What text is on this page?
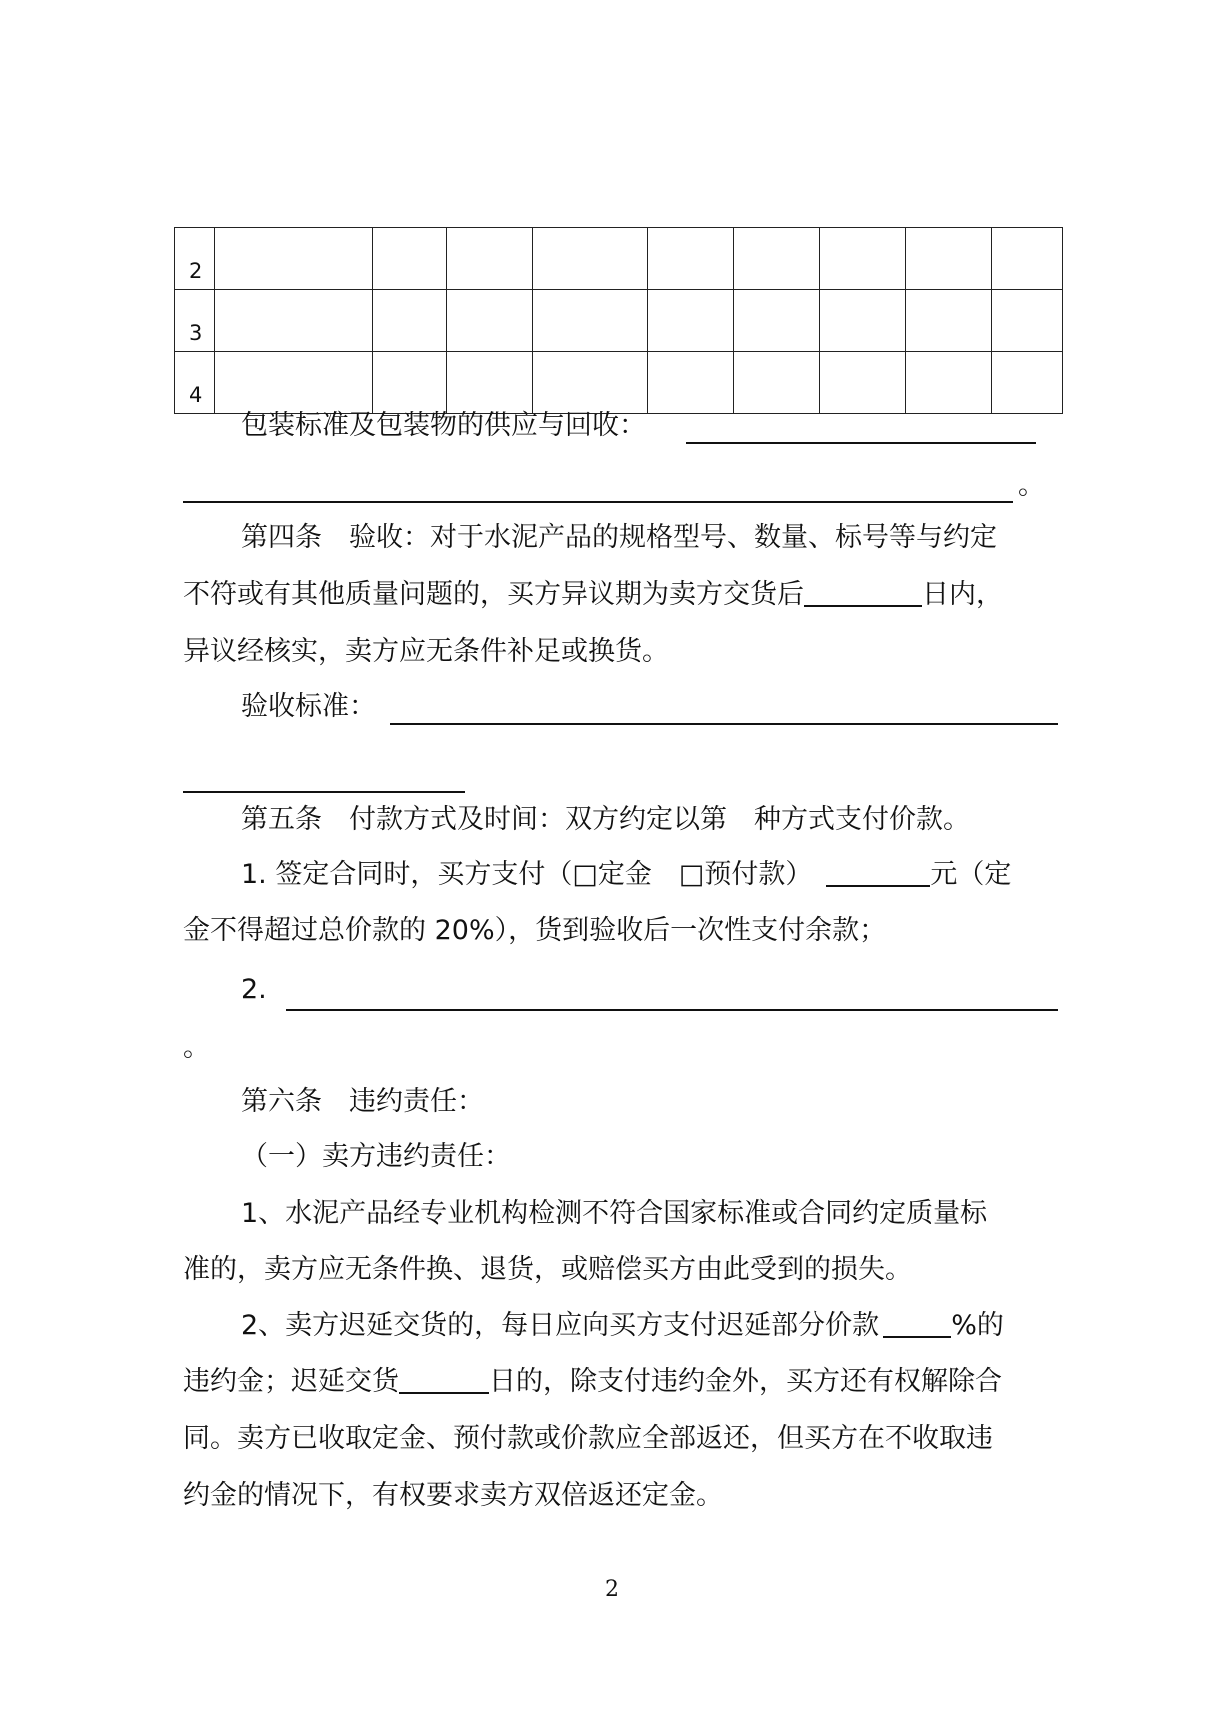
2									
3									
4									
包装标准及包装物的供应与回收：
。
第四条　验收：对于水泥产品的规格型号、数量、标号等与约定
不符或有其他质量问题的，买方异议期为卖方交货后	日内，
异议经核实，卖方应无条件补足或换货。
验收标准：
第五条　付款方式及时间：双方约定以第　种方式支付价款。
1. 签定合同时，买方支付（□定金　□预付款）	元（定
金不得超过总价款的 20%），货到验收后一次性支付余款；
2.
。
第六条　违约责任：
（一）卖方违约责任：
1、水泥产品经专业机构检测不符合国家标准或合同约定质量标
准的，卖方应无条件换、退货，或赔偿买方由此受到的损失。
2、卖方迟延交货的，每日应向买方支付迟延部分价款	%的
违约金；迟延交货	日的，除支付违约金外，买方还有权解除合
同。卖方已收取定金、预付款或价款应全部返还，但买方在不收取违
约金的情况下，有权要求卖方双倍返还定金。
2
